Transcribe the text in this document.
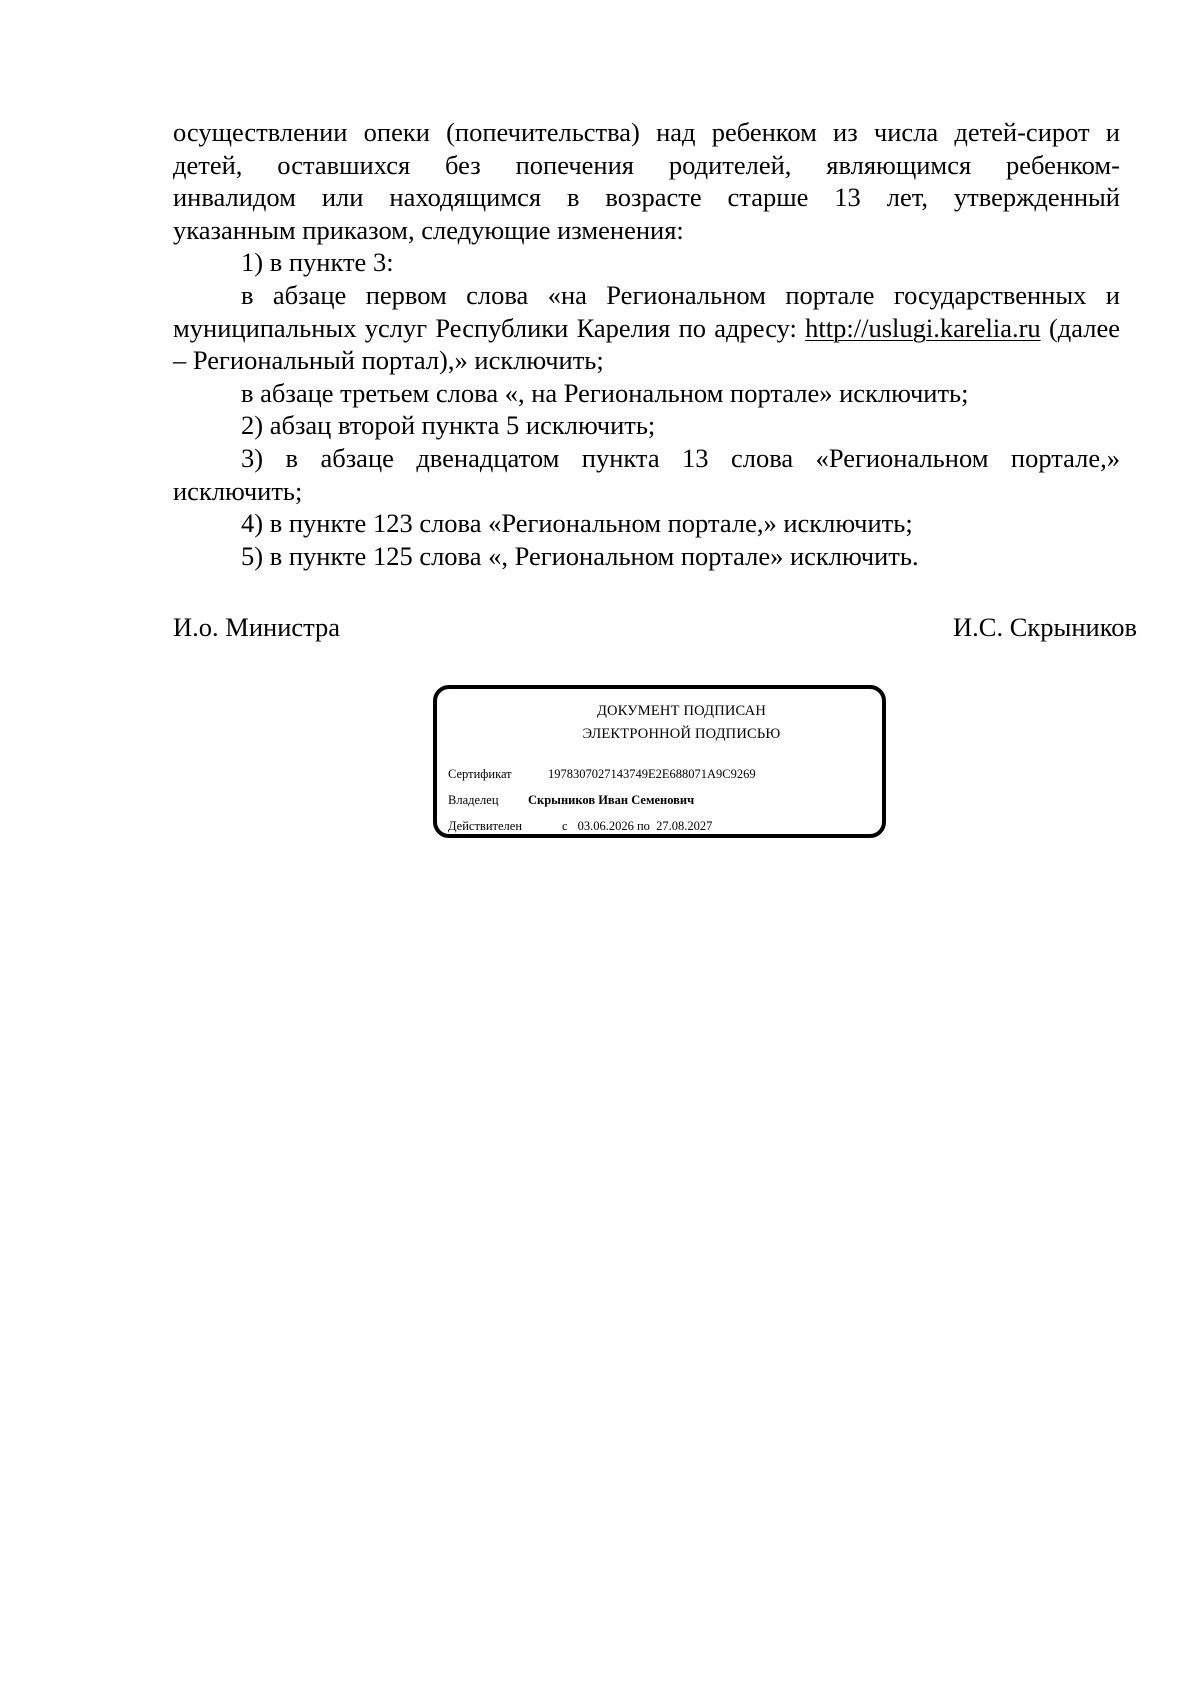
осуществлении опеки (попечительства) над ребенком из числа детей-сирот и

детей, оставшихся без попечения родителей, являющимся ребенком-

инвалидом или находящимся в возрасте старше 13 лет, утвержденный

указанным приказом, следующие изменения:

1) в пункте 3:

в абзаце первом слова «на Региональном портале государственных и муниципальных услуг Республики Карелия по адресу: http://uslugi.karelia.ru (далее – Региональный портал),» исключить;

в абзаце третьем слова «, на Региональном портале» исключить;

2) абзац второй пункта 5 исключить;

3) в абзаце двенадцатом пункта 13 слова «Региональном портале,»

исключить;

4) в пункте 123 слова «Региональном портале,» исключить;

5) в пункте 125 слова «, Региональном портале» исключить.

И.о. Министра	И.С. Скрыников
ДОКУМЕНТ ПОДПИСАН
ЭЛЕКТРОННОЙ ПОДПИСЬЮ
Сертификат	1978307027143749E2E688071A9C9269
Владелец Скрыников Иван Семенович
Действителен	с 03.06.2026 по 27.08.2027
